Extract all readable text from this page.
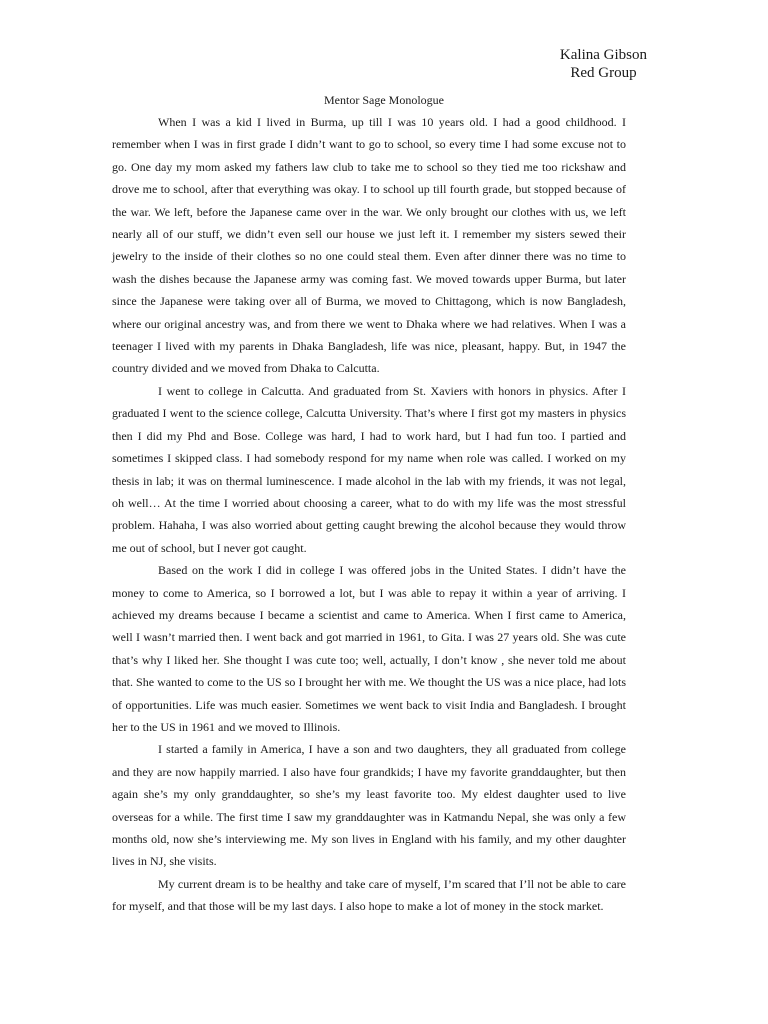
Kalina Gibson
Red Group
Mentor Sage Monologue

When I was a kid I lived in Burma, up till I was 10 years old. I had a good childhood. I remember when I was in first grade I didn’t want to go to school, so every time I had some excuse not to go. One day my mom asked my fathers law club to take me to school so they tied me too rickshaw and drove me to school, after that everything was okay. I to school up till fourth grade, but stopped because of the war. We left, before the Japanese came over in the war. We only brought our clothes with us, we left nearly all of our stuff, we didn’t even sell our house we just left it. I remember my sisters sewed their jewelry to the inside of their clothes so no one could steal them. Even after dinner there was no time to wash the dishes because the Japanese army was coming fast. We moved towards upper Burma, but later since the Japanese were taking over all of Burma, we moved to Chittagong, which is now Bangladesh, where our original ancestry was, and from there we went to Dhaka where we had relatives. When I was a teenager I lived with my parents in Dhaka Bangladesh, life was nice, pleasant, happy. But, in 1947 the country divided and we moved from Dhaka to Calcutta.

I went to college in Calcutta. And graduated from St. Xaviers with honors in physics. After I graduated I went to the science college, Calcutta University. That’s where I first got my masters in physics then I did my Phd and Bose. College was hard, I had to work hard, but I had fun too. I partied and sometimes I skipped class. I had somebody respond for my name when role was called. I worked on my thesis in lab; it was on thermal luminescence. I made alcohol in the lab with my friends, it was not legal, oh well… At the time I worried about choosing a career, what to do with my life was the most stressful problem. Hahaha, I was also worried about getting caught brewing the alcohol because they would throw me out of school, but I never got caught.

Based on the work I did in college I was offered jobs in the United States. I didn’t have the money to come to America, so I borrowed a lot, but I was able to repay it within a year of arriving. I achieved my dreams because I became a scientist and came to America. When I first came to America, well I wasn’t married then. I went back and got married in 1961, to Gita. I was 27 years old. She was cute that’s why I liked her. She thought I was cute too; well, actually, I don’t know , she never told me about that. She wanted to come to the US so I brought her with me. We thought the US was a nice place, had lots of opportunities. Life was much easier. Sometimes we went back to visit India and Bangladesh. I brought her to the US in 1961 and we moved to Illinois.

I started a family in America, I have a son and two daughters, they all graduated from college and they are now happily married. I also have four grandkids; I have my favorite granddaughter, but then again she’s my only granddaughter, so she’s my least favorite too. My eldest daughter used to live overseas for a while. The first time I saw my granddaughter was in Katmandu Nepal, she was only a few months old, now she’s interviewing me. My son lives in England with his family, and my other daughter lives in NJ, she visits.

My current dream is to be healthy and take care of myself, I’m scared that I’ll not be able to care for myself, and that those will be my last days. I also hope to make a lot of money in the stock market.
